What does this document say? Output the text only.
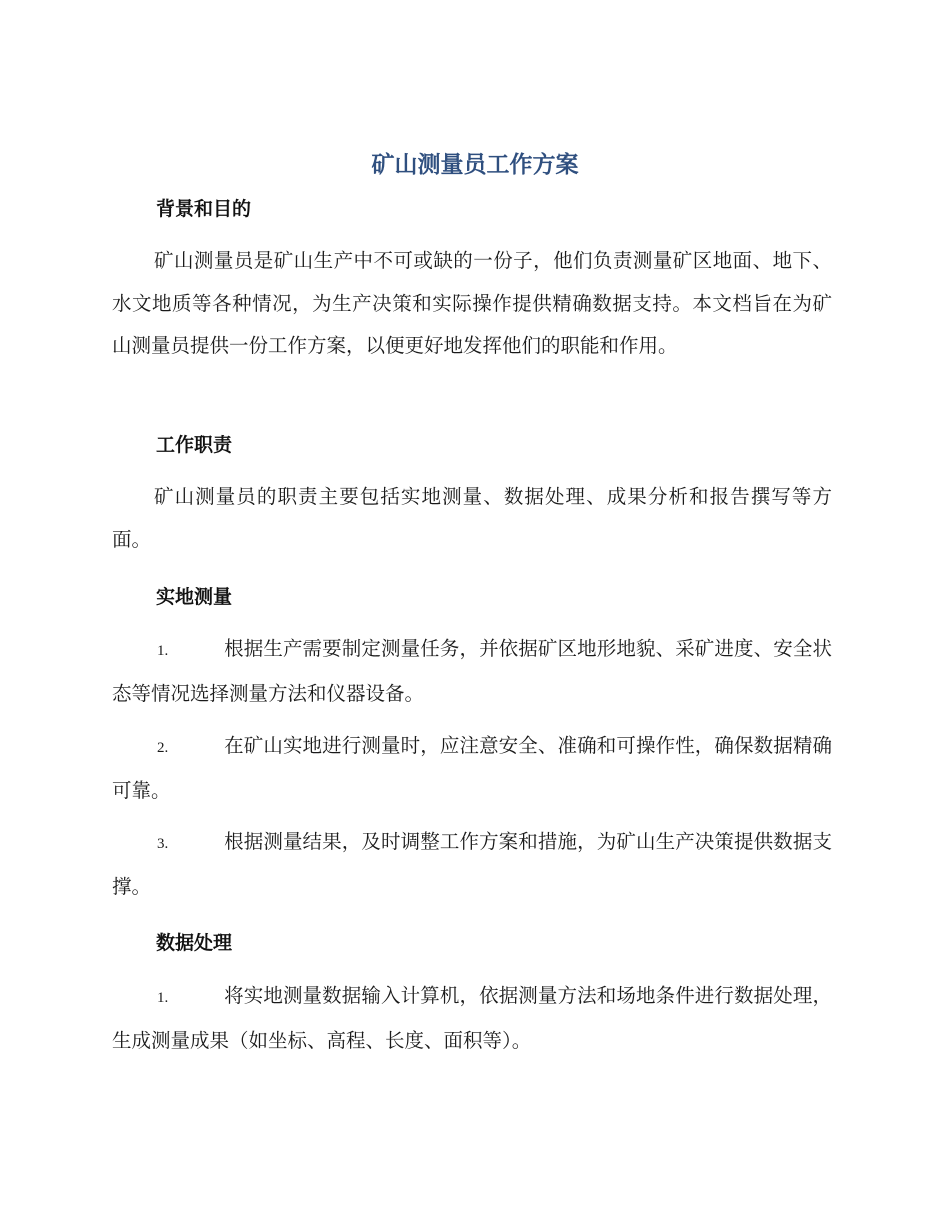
矿山测量员工作方案
背景和目的
矿山测量员是矿山生产中不可或缺的一份子，他们负责测量矿区地面、地下、水文地质等各种情况，为生产决策和实际操作提供精确数据支持。本文档旨在为矿山测量员提供一份工作方案，以便更好地发挥他们的职能和作用。
工作职责
矿山测量员的职责主要包括实地测量、数据处理、成果分析和报告撰写等方面。
实地测量
1.	根据生产需要制定测量任务，并依据矿区地形地貌、采矿进度、安全状态等情况选择测量方法和仪器设备。
2.	在矿山实地进行测量时，应注意安全、准确和可操作性，确保数据精确可靠。
3.	根据测量结果，及时调整工作方案和措施，为矿山生产决策提供数据支撑。
数据处理
1.	将实地测量数据输入计算机，依据测量方法和场地条件进行数据处理，生成测量成果（如坐标、高程、长度、面积等）。
